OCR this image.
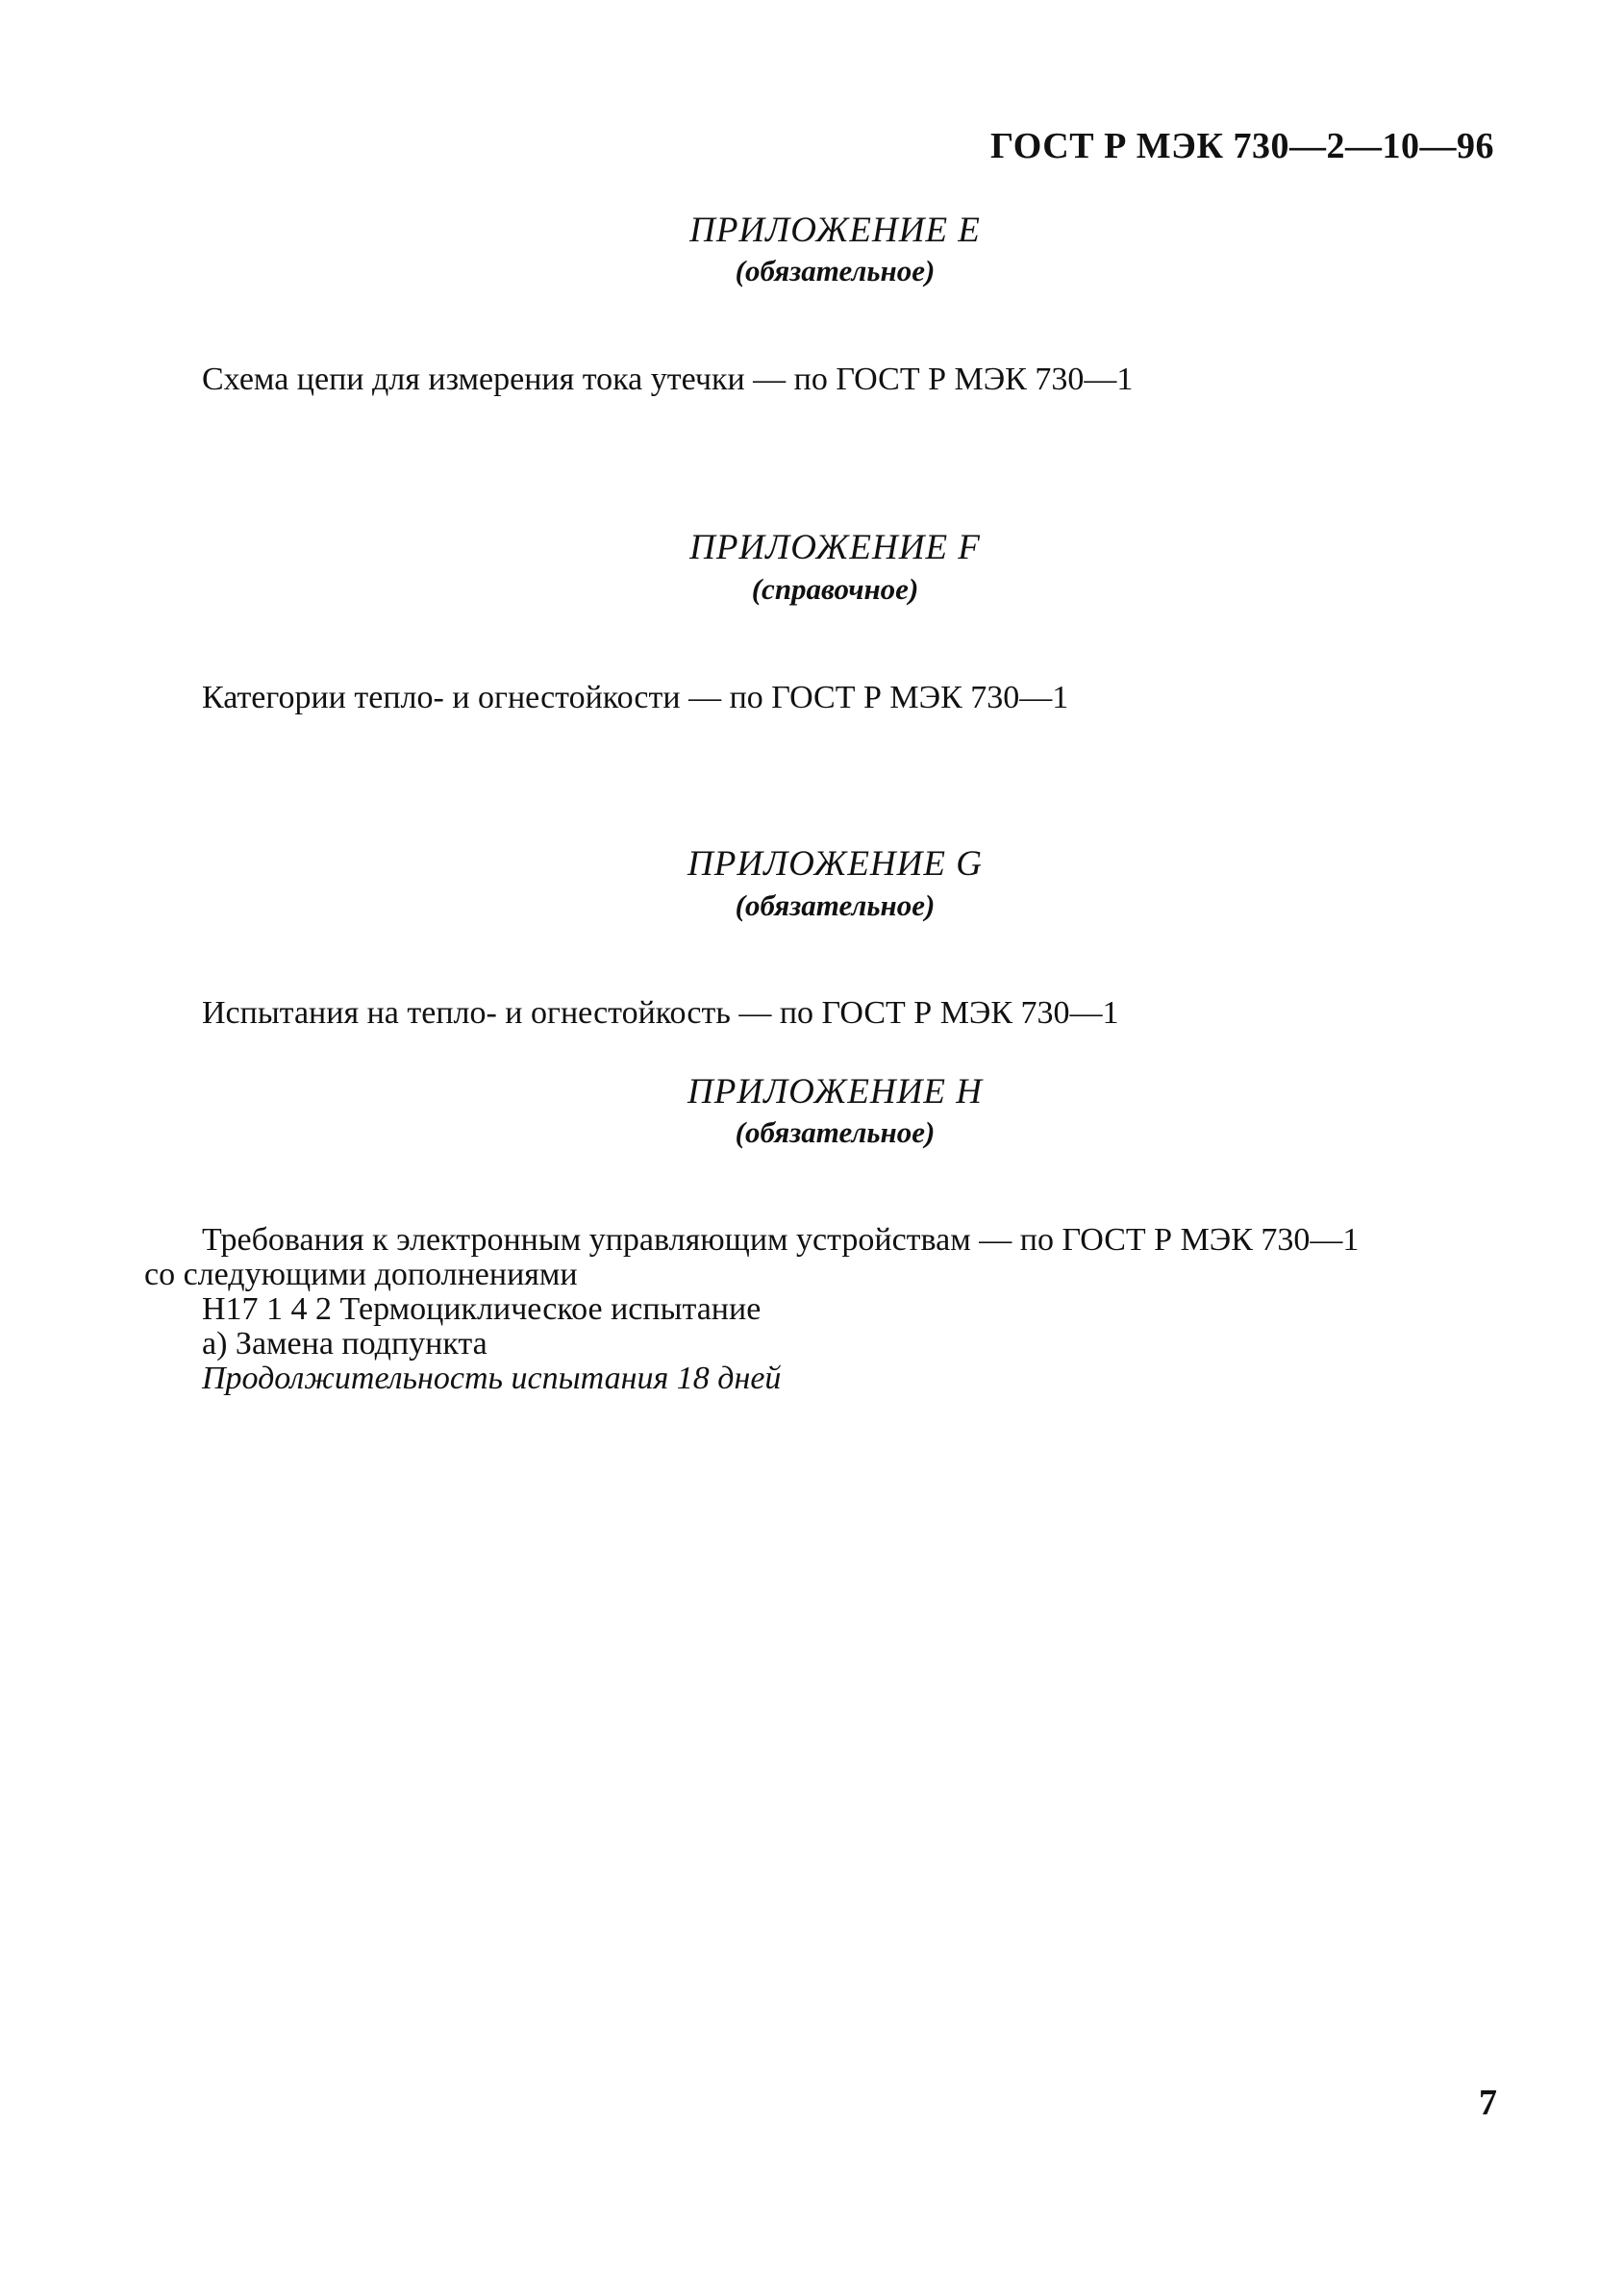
ГОСТ Р МЭК 730—2—10—96
ПРИЛОЖЕНИЕ Е
(обязательное)
Схема цепи для измерения тока утечки — по ГОСТ Р МЭК 730—1
ПРИЛОЖЕНИЕ F
(справочное)
Категории тепло- и огнестойкости — по ГОСТ Р МЭК 730—1
ПРИЛОЖЕНИЕ G
(обязательное)
Испытания на тепло- и огнестойкость — по ГОСТ Р МЭК 730—1
ПРИЛОЖЕНИЕ Н
(обязательное)
Требования к электронным управляющим устройствам — по ГОСТ Р МЭК 730—1
со следующими дополнениями
Н17 1 4 2 Термоциклическое испытание
а) Замена подпункта
Продолжительность испытания 18 дней
7
